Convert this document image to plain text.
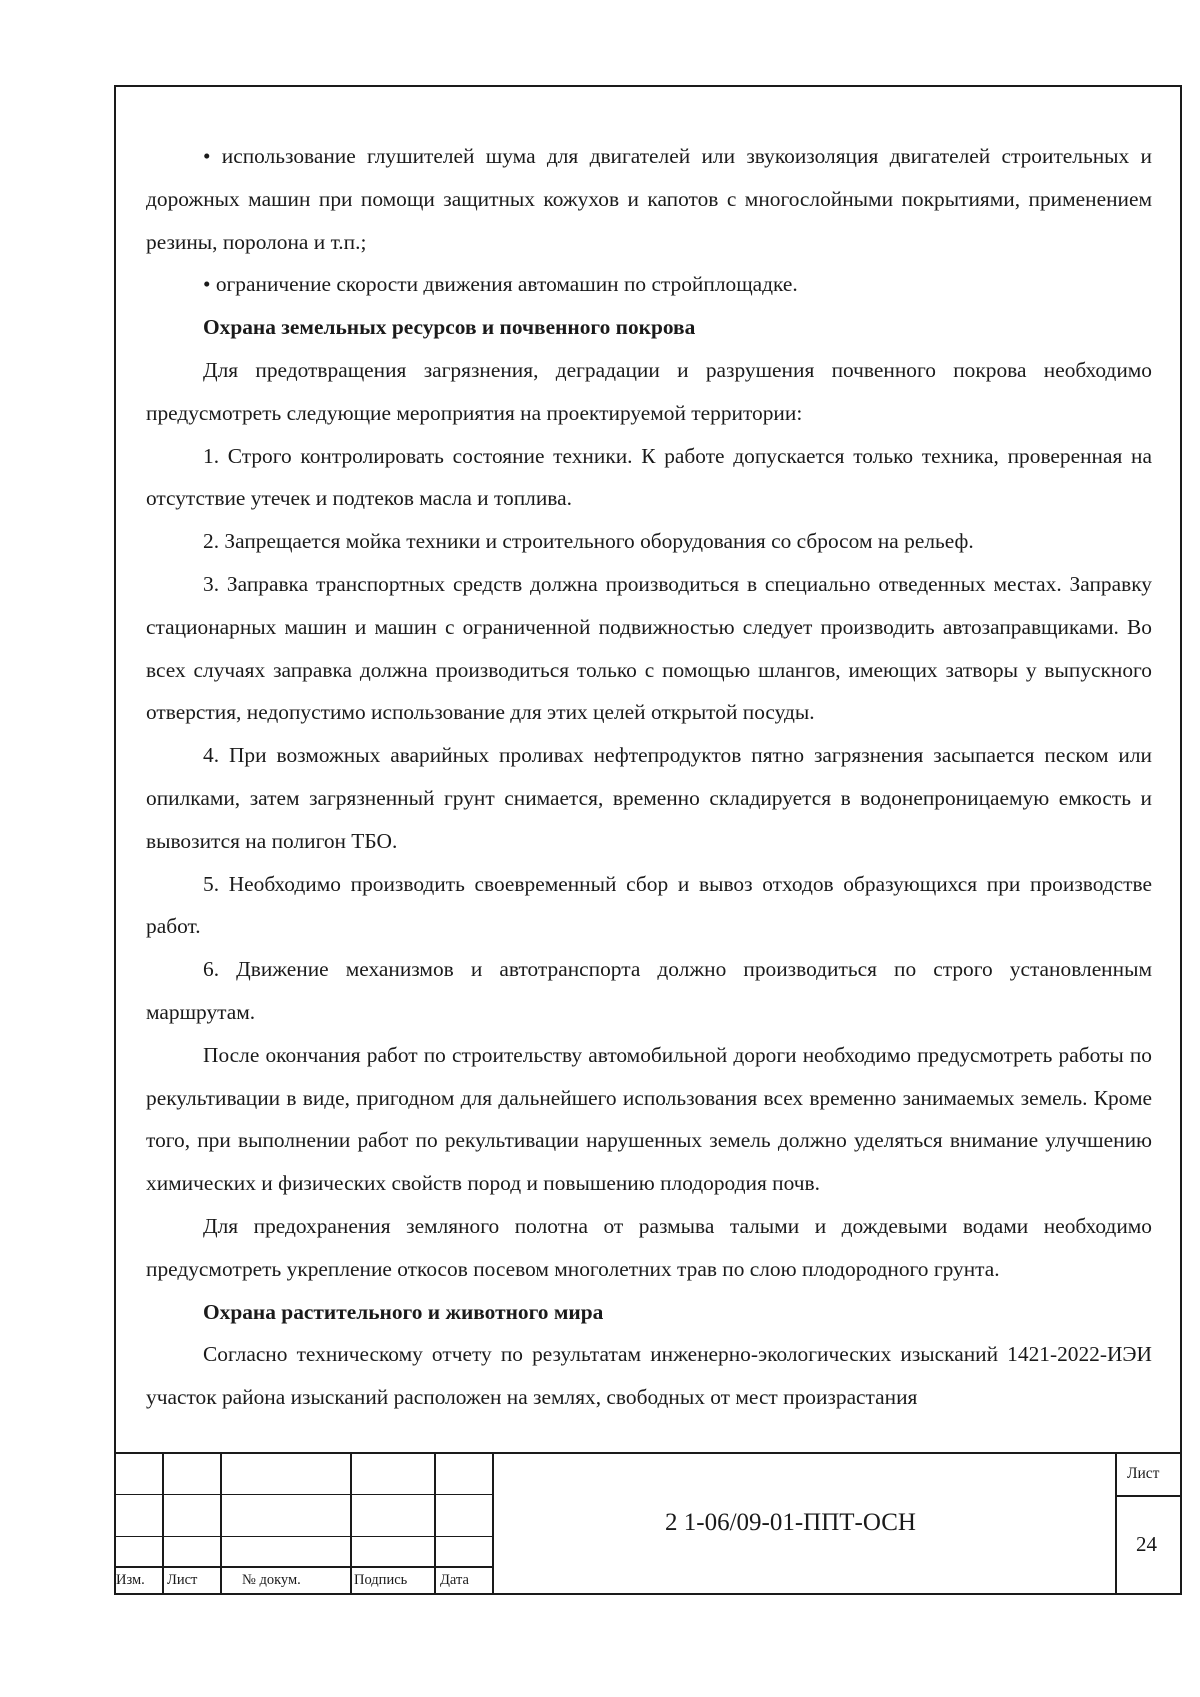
• использование глушителей шума для двигателей или звукоизоляция двигателей строительных и дорожных машин при помощи защитных кожухов и капотов с многослойными покрытиями, применением резины, поролона и т.п.;

• ограничение скорости движения автомашин по стройплощадке.

Охрана земельных ресурсов и почвенного покрова

Для предотвращения загрязнения, деградации и разрушения почвенного покрова необходимо предусмотреть следующие мероприятия на проектируемой территории:

1. Строго контролировать состояние техники. К работе допускается только техника, проверенная на отсутствие утечек и подтеков масла и топлива.

2. Запрещается мойка техники и строительного оборудования со сбросом на рельеф.

3. Заправка транспортных средств должна производиться в специально отведенных местах. Заправку стационарных машин и машин с ограниченной подвижностью следует производить автозаправщиками. Во всех случаях заправка должна производиться только с помощью шлангов, имеющих затворы у выпускного отверстия, недопустимо использование для этих целей открытой посуды.

4. При возможных аварийных проливах нефтепродуктов пятно загрязнения засыпается песком или опилками, затем загрязненный грунт снимается, временно складируется в водонепроницаемую емкость и вывозится на полигон ТБО.

5. Необходимо производить своевременный сбор и вывоз отходов образующихся при производстве работ.

6. Движение механизмов и автотранспорта должно производиться по строго установленным маршрутам.

После окончания работ по строительству автомобильной дороги необходимо предусмотреть работы по рекультивации в виде, пригодном для дальнейшего использования всех временно занимаемых земель. Кроме того, при выполнении работ по рекультивации нарушенных земель должно уделяться внимание улучшению химических и физических свойств пород и повышению плодородия почв.

Для предохранения земляного полотна от размыва талыми и дождевыми водами необходимо предусмотреть укрепление откосов посевом многолетних трав по слою плодородного грунта.

Охрана растительного и животного мира

Согласно техническому отчету по результатам инженерно-экологических изысканий 1421-2022-ИЭИ участок района изысканий расположен на землях, свободных от мест произрастания

Изм. Лист	№ докум.	Подпись Дата
2 1-06/09-01-ППТ-ОСН
Лист
24
